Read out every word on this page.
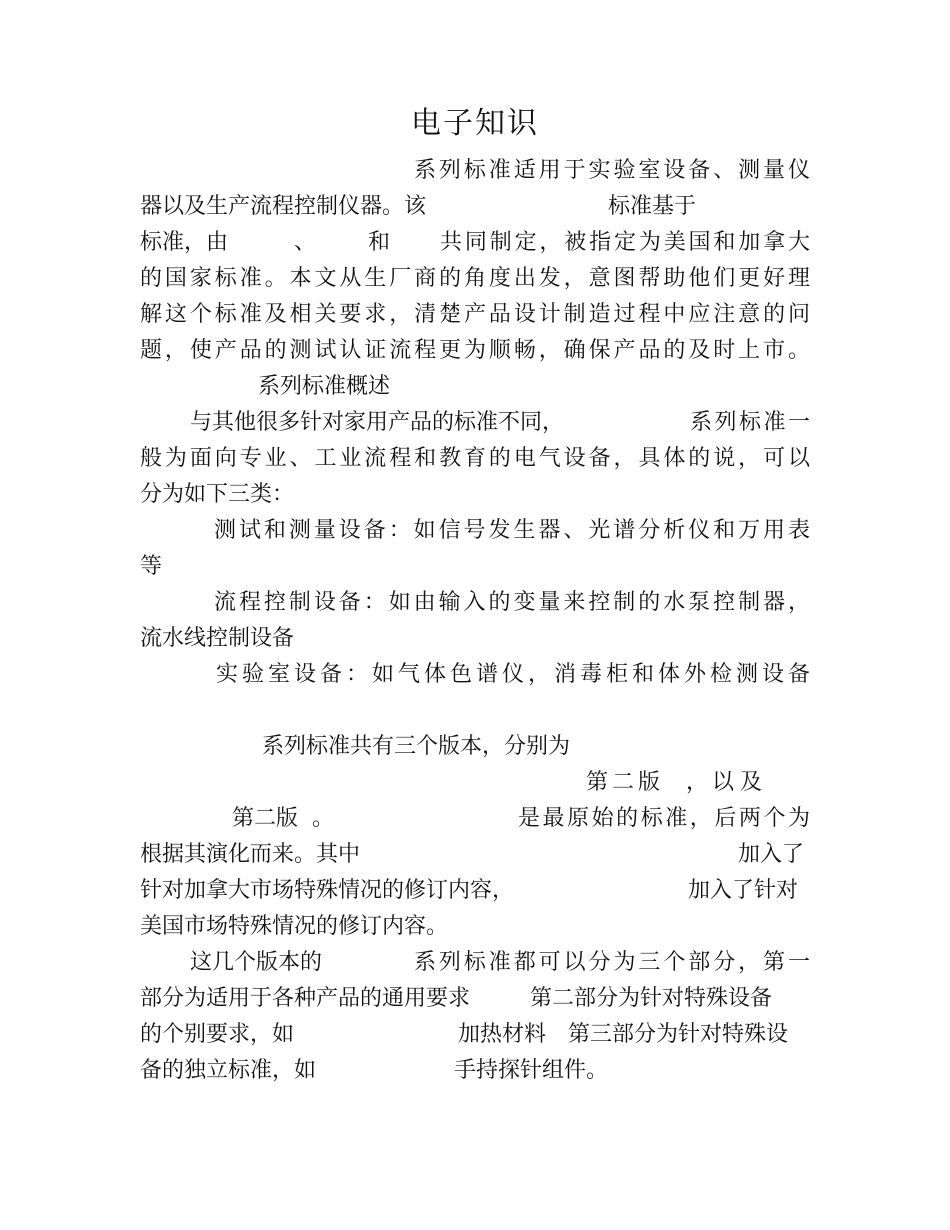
电子知识
系列标准适用于实验室设备、测量仪
器以及生产流程控制仪器。该	标准基于
标准，由	、 和 共同制定，被指定为美国和加拿大
的国家标准。本文从生厂商的角度出发，意图帮助他们更好理
解这个标准及相关要求，清楚产品设计制造过程中应注意的问
题，使产品的测试认证流程更为顺畅，确保产品的及时上市。
系列标准概述
与其他很多针对家用产品的标准不同，	系列标准一
般为面向专业、工业流程和教育的电气设备，具体的说，可以
分为如下三类：
测试和测量设备：如信号发生器、光谱分析仪和万用表
等
流程控制设备：如由输入的变量来控制的水泵控制器，
流水线控制设备
实验室设备：如气体色谱仪，消毒柜和体外检测设备
系列标准共有三个版本，分别为
第二版 ， 以及
第二版 。	是最原始的标准，后两个为
根据其演化而来。其中	加入了
针对加拿大市场特殊情况的修订内容，	加入了针对
美国市场特殊情况的修订内容。
这几个版本的	系列标准都可以分为三个部分，第一
部分为适用于各种产品的通用要求	第二部分为针对特殊设备
的个别要求，如	加热材料 第三部分为针对特殊设
备的独立标准，如	手持探针组件。
